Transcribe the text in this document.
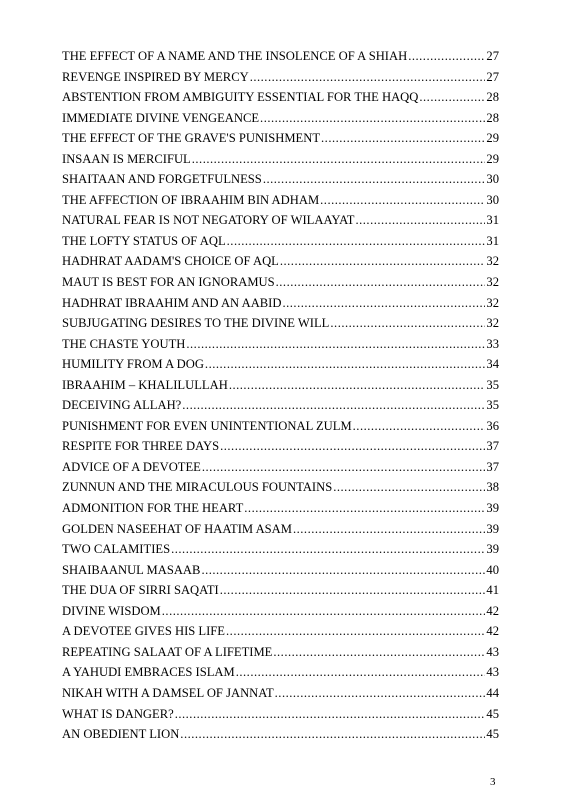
THE EFFECT OF A NAME AND THE INSOLENCE OF A SHIAH .....	27
REVENGE INSPIRED BY MERCY .....	27
ABSTENTION FROM AMBIGUITY ESSENTIAL FOR THE HAQQ .....	28
IMMEDIATE DIVINE VENGEANCE .....	28
THE EFFECT OF THE GRAVE'S PUNISHMENT .....	29
INSAAN IS MERCIFUL .....	29
SHAITAAN AND FORGETFULNESS .....	30
THE AFFECTION OF IBRAAHIM BIN ADHAM .....	30
NATURAL FEAR IS NOT NEGATORY OF WILAAYAT .....	31
THE LOFTY STATUS OF AQL .....	31
HADHRAT AADAM'S CHOICE OF AQL .....	32
MAUT IS BEST FOR AN IGNORAMUS .....	32
HADHRAT IBRAAHIM AND AN AABID .....	32
SUBJUGATING DESIRES TO THE DIVINE WILL .....	32
THE CHASTE YOUTH .....	33
HUMILITY FROM A DOG .....	34
IBRAAHIM – KHALILULLAH .....	35
DECEIVING ALLAH? .....	35
PUNISHMENT FOR EVEN UNINTENTIONAL ZULM .....	36
RESPITE FOR THREE DAYS .....	37
ADVICE OF A DEVOTEE .....	37
ZUNNUN AND THE MIRACULOUS FOUNTAINS .....	38
ADMONITION FOR THE HEART .....	39
GOLDEN NASEEHAT OF HAATIM ASAM .....	39
TWO CALAMITIES .....	39
SHAIBAANUL MASAAB .....	40
THE DUA OF SIRRI SAQATI .....	41
DIVINE WISDOM .....	42
A DEVOTEE GIVES HIS LIFE .....	42
REPEATING SALAAT OF A LIFETIME .....	43
A YAHUDI EMBRACES ISLAM .....	43
NIKAH WITH A DAMSEL OF JANNAT .....	44
WHAT IS DANGER? .....	45
AN OBEDIENT LION .....	45
3
